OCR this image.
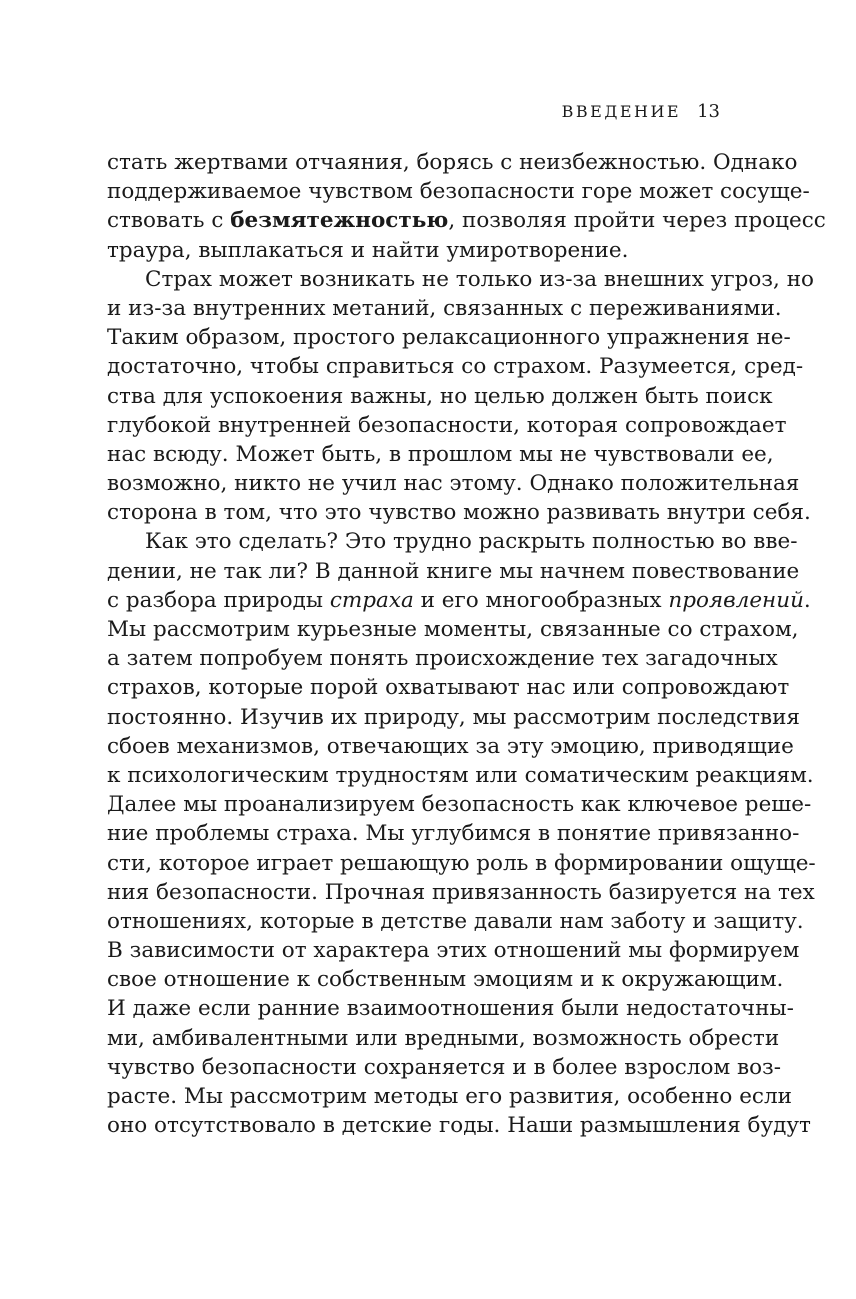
ВВЕДЕНИЕ 13
стать жертвами отчаяния, борясь с неизбежностью. Однако
поддерживаемое чувством безопасности горе может сосуще-
ствовать с безмятежностью, позволяя пройти через процесс
траура, выплакаться и найти умиротворение.
Страх может возникать не только из-за внешних угроз, но
и из-за внутренних метаний, связанных с переживаниями.
Таким образом, простого релаксационного упражнения не-
достаточно, чтобы справиться со страхом. Разумеется, сред-
ства для успокоения важны, но целью должен быть поиск
глубокой внутренней безопасности, которая сопровождает
нас всюду. Может быть, в прошлом мы не чувствовали ее,
возможно, никто не учил нас этому. Однако положительная
сторона в том, что это чувство можно развивать внутри себя.
Как это сделать? Это трудно раскрыть полностью во вве-
дении, не так ли? В данной книге мы начнем повествование
с разбора природы страха и его многообразных проявлений.
Мы рассмотрим курьезные моменты, связанные со страхом,
а затем попробуем понять происхождение тех загадочных
страхов, которые порой охватывают нас или сопровождают
постоянно. Изучив их природу, мы рассмотрим последствия
сбоев механизмов, отвечающих за эту эмоцию, приводящие
к психологическим трудностям или соматическим реакциям.
Далее мы проанализируем безопасность как ключевое реше-
ние проблемы страха. Мы углубимся в понятие привязанно-
сти, которое играет решающую роль в формировании ощуще-
ния безопасности. Прочная привязанность базируется на тех
отношениях, которые в детстве давали нам заботу и защиту.
В зависимости от характера этих отношений мы формируем
свое отношение к собственным эмоциям и к окружающим.
И даже если ранние взаимоотношения были недостаточны-
ми, амбивалентными или вредными, возможность обрести
чувство безопасности сохраняется и в более взрослом воз-
расте. Мы рассмотрим методы его развития, особенно если
оно отсутствовало в детские годы. Наши размышления будут
